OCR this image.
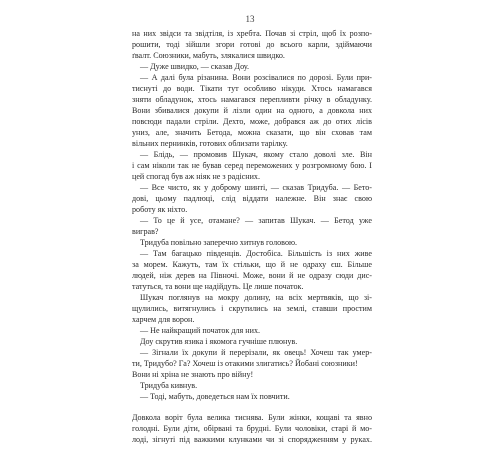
13
на них звідси та звідтіля, із хребта. Почав зі стріл, щоб їх розпо-
рошити, тоді зійшли згори готові до всього карли, здіймаючи
ґвалт. Союзники, мабуть, злякалися швидко.
— Дуже швидко, — сказав Доу.
— А далі була різанина. Вони розсівалися по дорозі. Були при-
тиснуті до води. Тікати тут особливо нікуди. Хтось намагався
зняти обладунок, хтось намагався перепливти річку в обладунку.
Вони збивалися докупи й лізли один на одного, а довкола них
повсюди падали стріли. Дехто, може, добрався аж до отих лісів
униз, але, значить Бетода, можна сказати, що він сховав там
вільних пернинків, готових облизати тарілку.
— Блідь, — промовив Шукач, якому стало доволі зле. Він
і сам ніколи так не бував серед переможених у розгромному бою. І
цей спогад був аж ніяк не з радісних.
— Все чисто, як у доброму шинті, — сказав Тридуба. — Бето-
дові, цьому падлюці, слід віддати належне. Він знає свою
роботу як ніхто.
— То це й усе, отамане? — запитав Шукач. — Бетод уже
виграв?
Тридуба повільно заперечно хитнув головою.
— Там багацько південців. Достобіса. Більшість із них живе
за морем. Кажуть, там їх стільки, що й не одраху єш. Більше
людей, ніж дерев на Півночі. Може, вони й не одразу сюди дис-
татуться, та вони ще надійдуть. Це лише початок.
Шукач поглянув на мокру долину, на всіх мертвяків, що зі-
щулились, витягнулись і скрутились на землі, ставши простим
харчем для ворон.
— Не найкращий початок для них.
Доу скрутив язика і якомога гучніше плюнув.
— Зігнали їх докупи й перерізали, як овець! Хочеш так умер-
ти, Тридубо? Га? Хочеш із отакими злигатись? Йобані союзники!
Вони ні хріна не знають про війну!
Тридуба кивнув.
— Тоді, мабуть, доведеться нам їх повчити.
Довкола воріт була велика тиснява. Були жінки, кощаві та явно
голодні. Були діти, обірвані та брудні. Були чоловіки, старі й мо-
лоді, зігнуті під важкими клунками чи зі спорядженням у руках.
